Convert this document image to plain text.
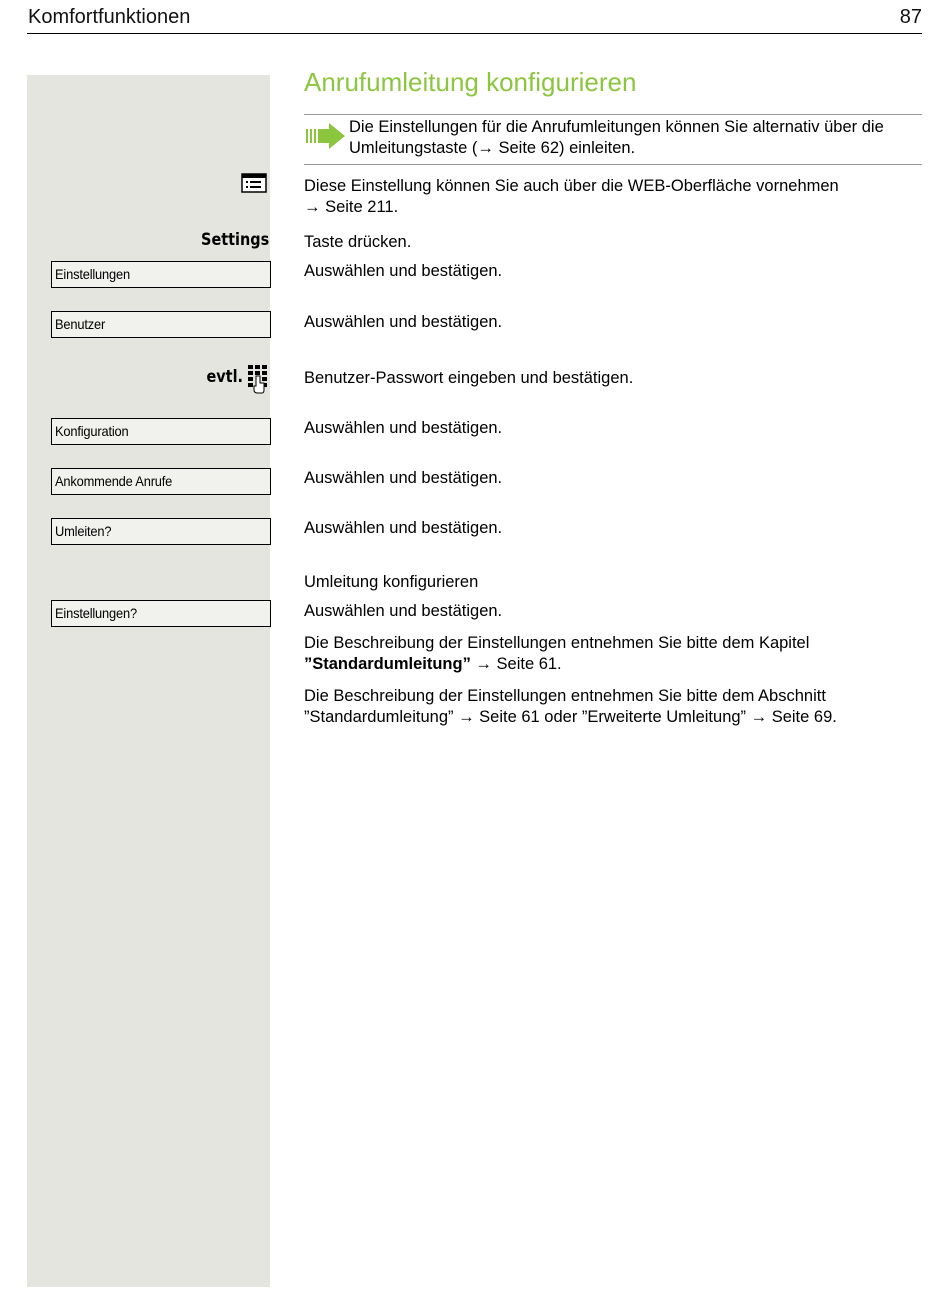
Komfortfunktionen	87
Anrufumleitung konfigurieren
Die Einstellungen für die Anrufumleitungen können Sie alternativ über die Umleitungstaste (→ Seite 62) einleiten.
Diese Einstellung können Sie auch über die WEB-Oberfläche vornehmen
→ Seite 211.
Settings Taste drücken.
Einstellungen	Auswählen und bestätigen.
Benutzer	Auswählen und bestätigen.
evtl.	Benutzer-Passwort eingeben und bestätigen.
Konfiguration	Auswählen und bestätigen.
Ankommende Anrufe	Auswählen und bestätigen.
Umleiten?	Auswählen und bestätigen.
Umleitung konfigurieren
Einstellungen?	Auswählen und bestätigen.
Die Beschreibung der Einstellungen entnehmen Sie bitte dem Kapitel ”Standardumleitung” → Seite 61.
Die Beschreibung der Einstellungen entnehmen Sie bitte dem Abschnitt ”Standardumleitung” → Seite 61 oder ”Erweiterte Umleitung” → Seite 69.
